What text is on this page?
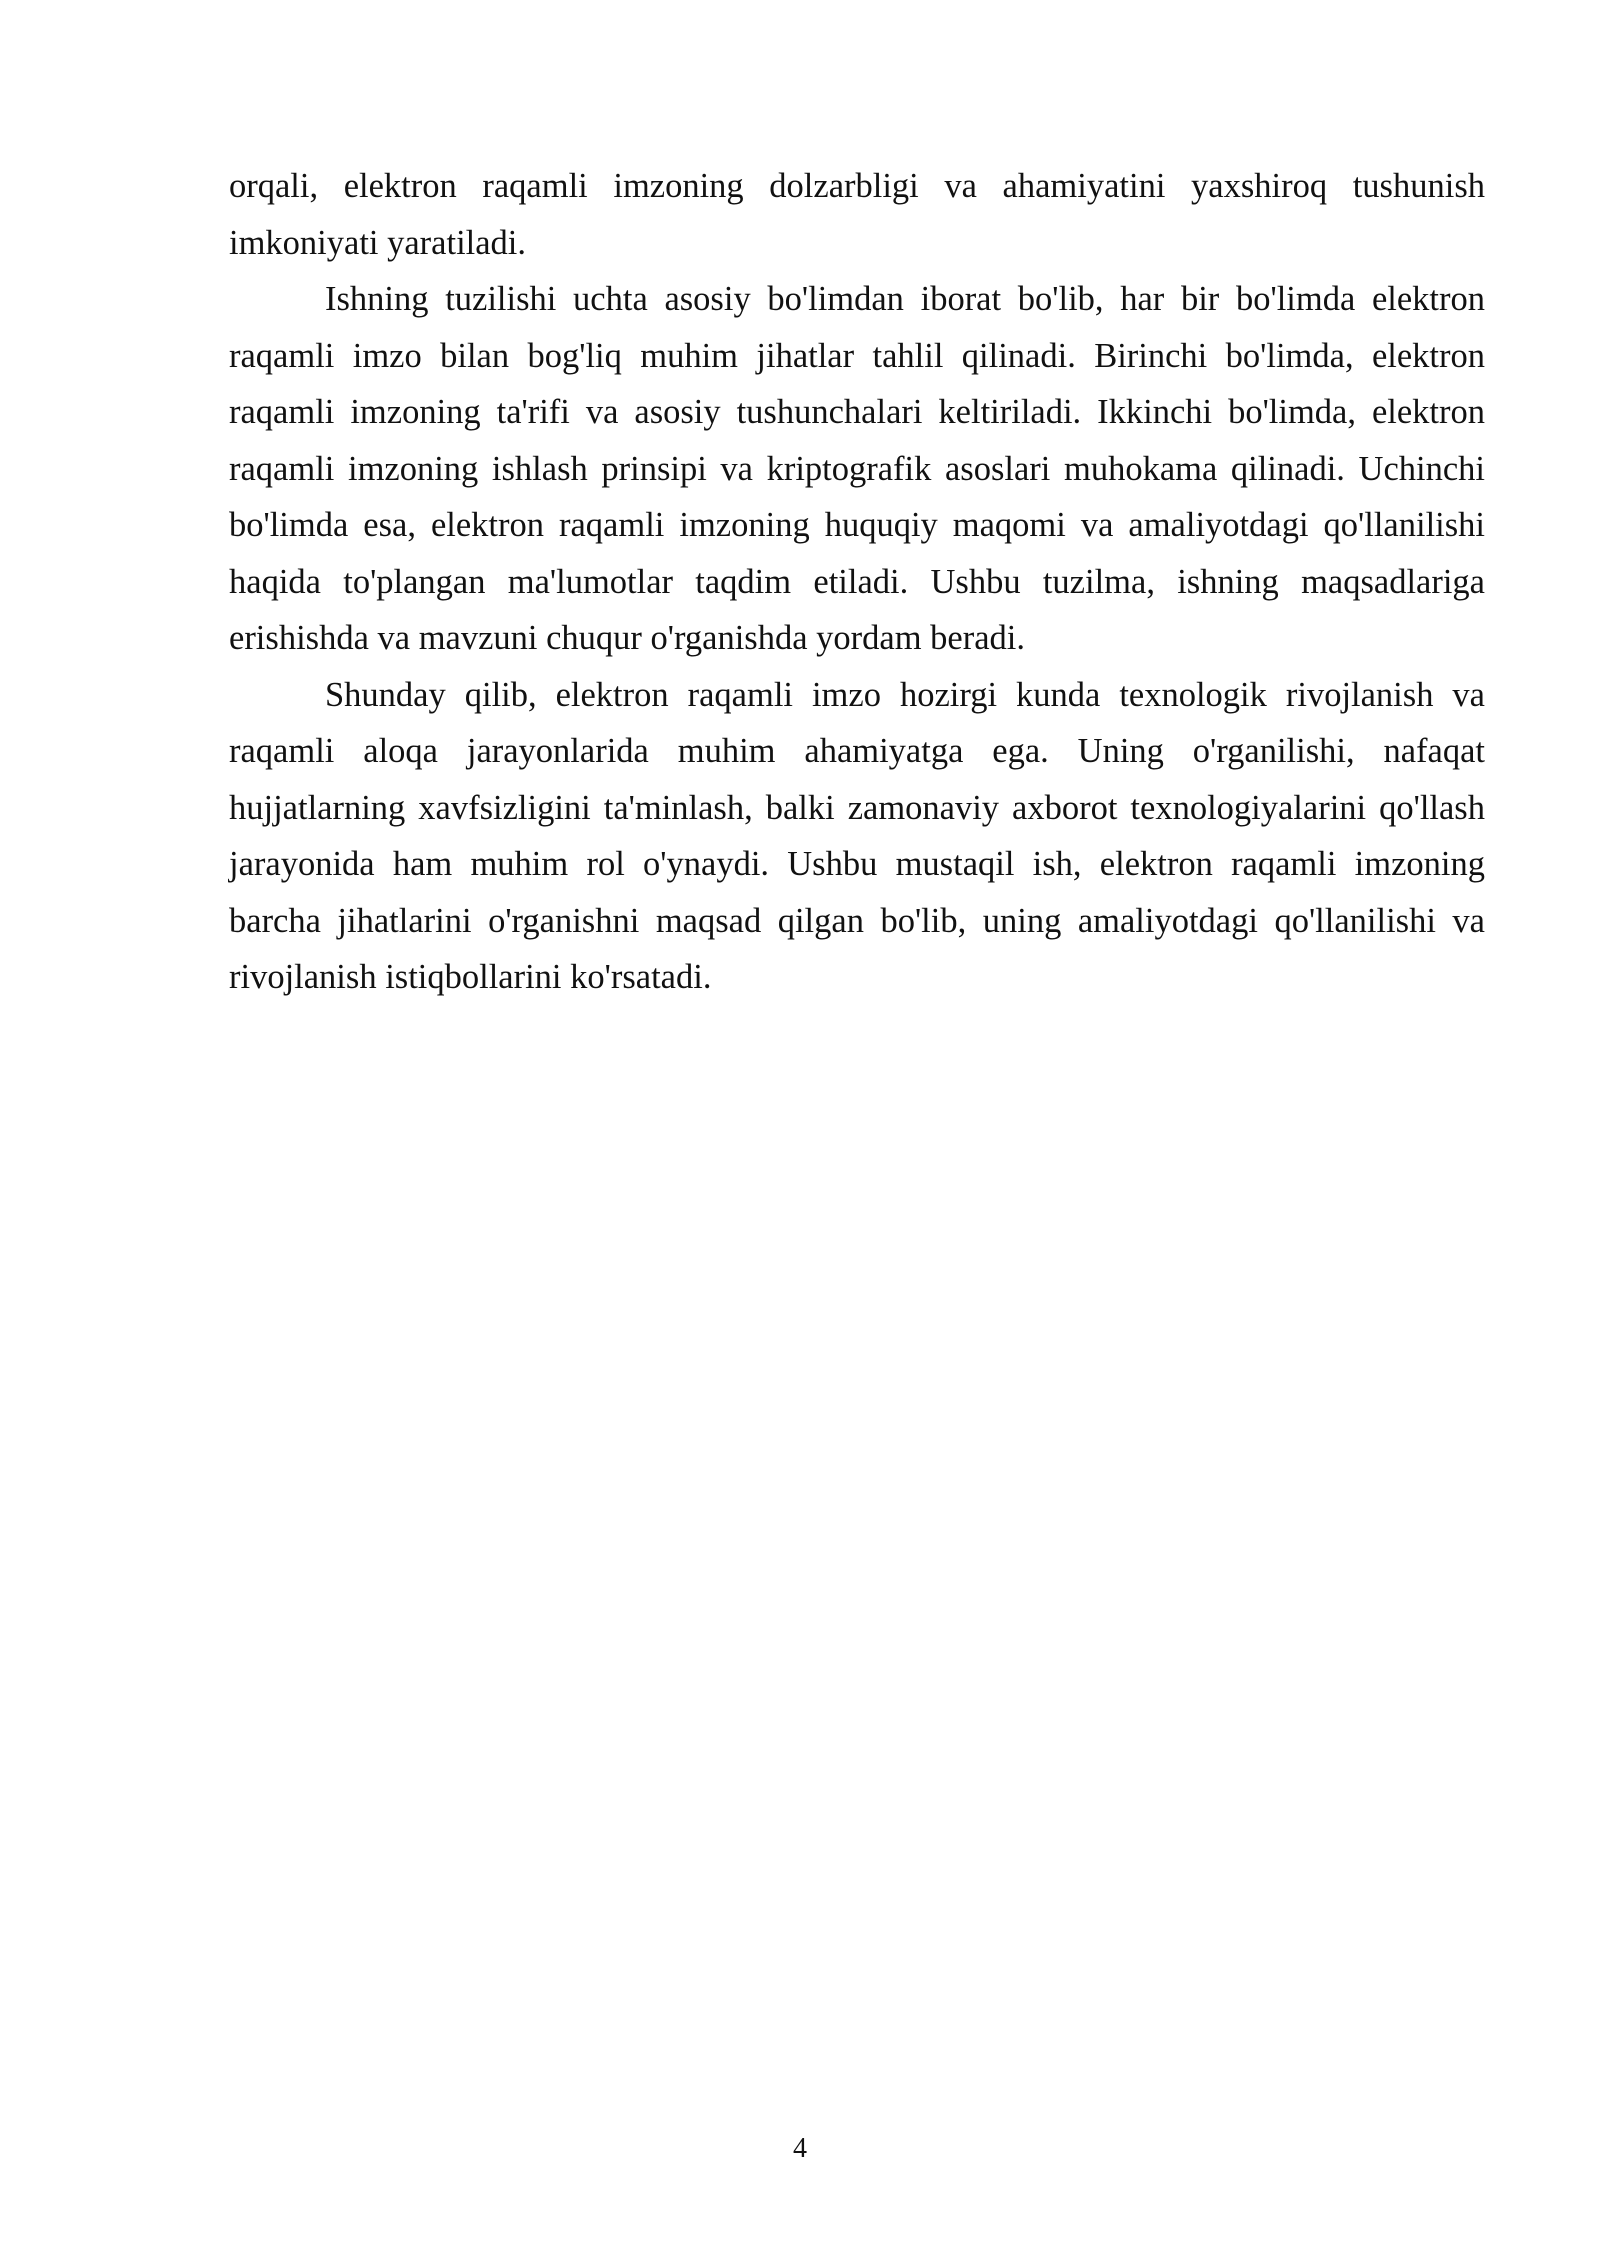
orqali, elektron raqamli imzoning dolzarbligi va ahamiyatini yaxshiroq tushunish imkoniyati yaratiladi.

Ishning tuzilishi uchta asosiy bo'limdan iborat bo'lib, har bir bo'limda elektron raqamli imzo bilan bog'liq muhim jihatlar tahlil qilinadi. Birinchi bo'limda, elektron raqamli imzoning ta'rifi va asosiy tushunchalari keltiriladi. Ikkinchi bo'limda, elektron raqamli imzoning ishlash prinsipi va kriptografik asoslari muhokama qilinadi. Uchinchi bo'limda esa, elektron raqamli imzoning huquqiy maqomi va amaliyotdagi qo'llanilishi haqida to'plangan ma'lumotlar taqdim etiladi. Ushbu tuzilma, ishning maqsadlariga erishishda va mavzuni chuqur o'rganishda yordam beradi.

Shunday qilib, elektron raqamli imzo hozirgi kunda texnologik rivojlanish va raqamli aloqa jarayonlarida muhim ahamiyatga ega. Uning o'rganilishi, nafaqat hujjatlarning xavfsizligini ta'minlash, balki zamonaviy axborot texnologiyalarini qo'llash jarayonida ham muhim rol o'ynaydi. Ushbu mustaqil ish, elektron raqamli imzoning barcha jihatlarini o'rganishni maqsad qilgan bo'lib, uning amaliyotdagi qo'llanilishi va rivojlanish istiqbollarini ko'rsatadi.

4
